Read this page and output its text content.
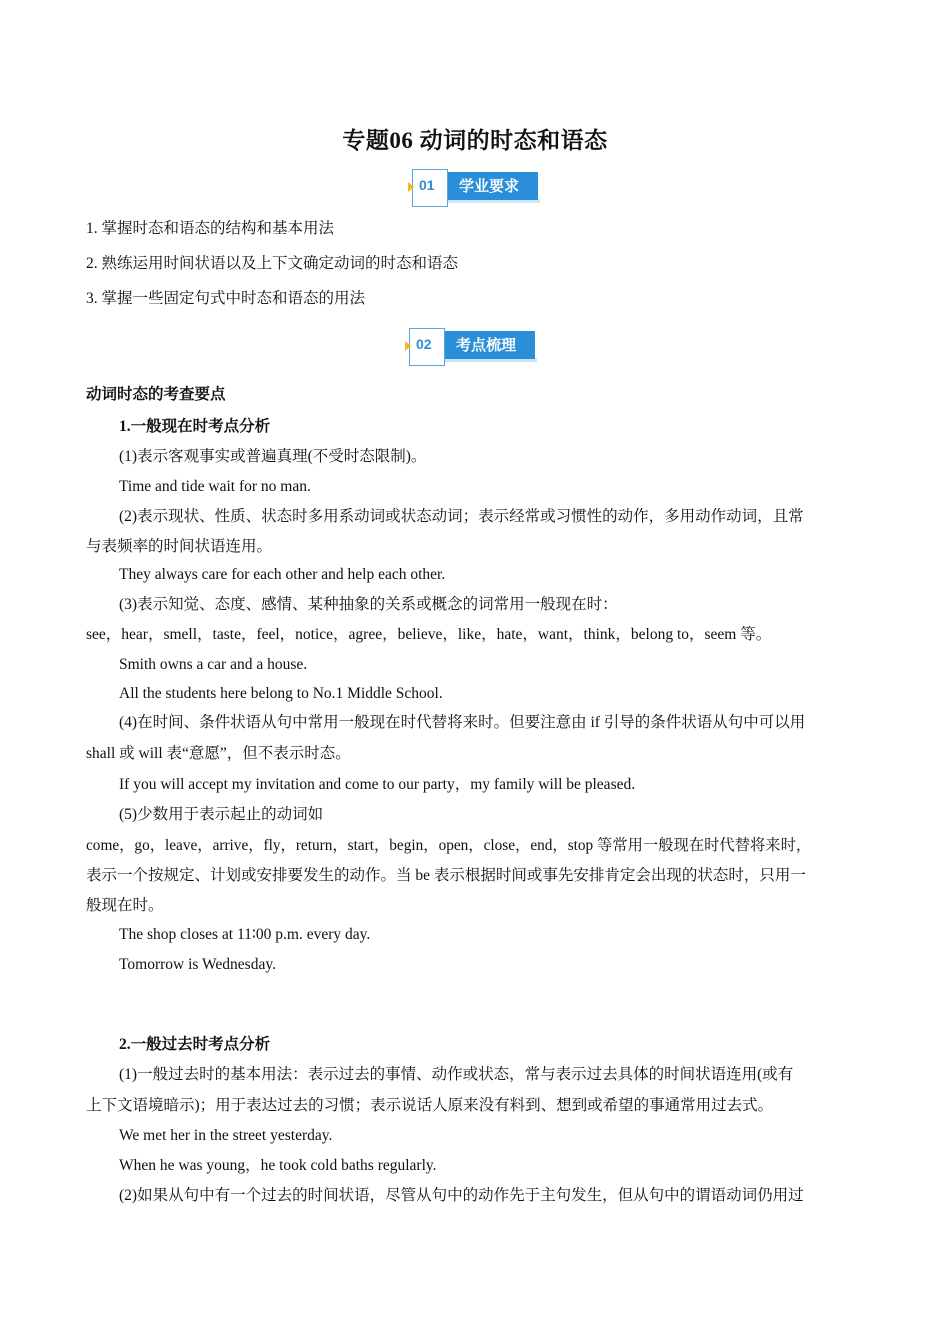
专题06 动词的时态和语态
学业要求
01
1. 掌握时态和语态的结构和基本用法
2. 熟练运用时间状语以及上下文确定动词的时态和语态
3. 掌握一些固定句式中时态和语态的用法
考点梳理
02
动词时态的考查要点
1.一般现在时考点分析
(1)表示客观事实或普遍真理(不受时态限制)。
Time and tide wait for no man.
(2)表示现状、性质、状态时多用系动词或状态动词；表示经常或习惯性的动作，多用动作动词，且常
与表频率的时间状语连用。
They always care for each other and help each other.
(3)表示知觉、态度、感情、某种抽象的关系或概念的词常用一般现在时：
see，hear，smell，taste，feel，notice，agree，believe，like，hate，want，think，belong to，seem 等。
Smith owns a car and a house.
All the students here belong to No.1 Middle School.
(4)在时间、条件状语从句中常用一般现在时代替将来时。但要注意由 if 引导的条件状语从句中可以用
shall 或 will 表“意愿”，但不表示时态。
If you will accept my invitation and come to our party，my family will be pleased.
(5)少数用于表示起止的动词如
come，go，leave，arrive，fly，return，start，begin，open，close，end，stop 等常用一般现在时代替将来时，
表示一个按规定、计划或安排要发生的动作。当 be 表示根据时间或事先安排肯定会出现的状态时，只用一
般现在时。
The shop closes at 11∶00 p.m. every day.
Tomorrow is Wednesday.
2.一般过去时考点分析
(1)一般过去时的基本用法：表示过去的事情、动作或状态，常与表示过去具体的时间状语连用(或有
上下文语境暗示)；用于表达过去的习惯；表示说话人原来没有料到、想到或希望的事通常用过去式。
We met her in the street yesterday.
When he was young，he took cold baths regularly.
(2)如果从句中有一个过去的时间状语，尽管从句中的动作先于主句发生，但从句中的谓语动词仍用过
